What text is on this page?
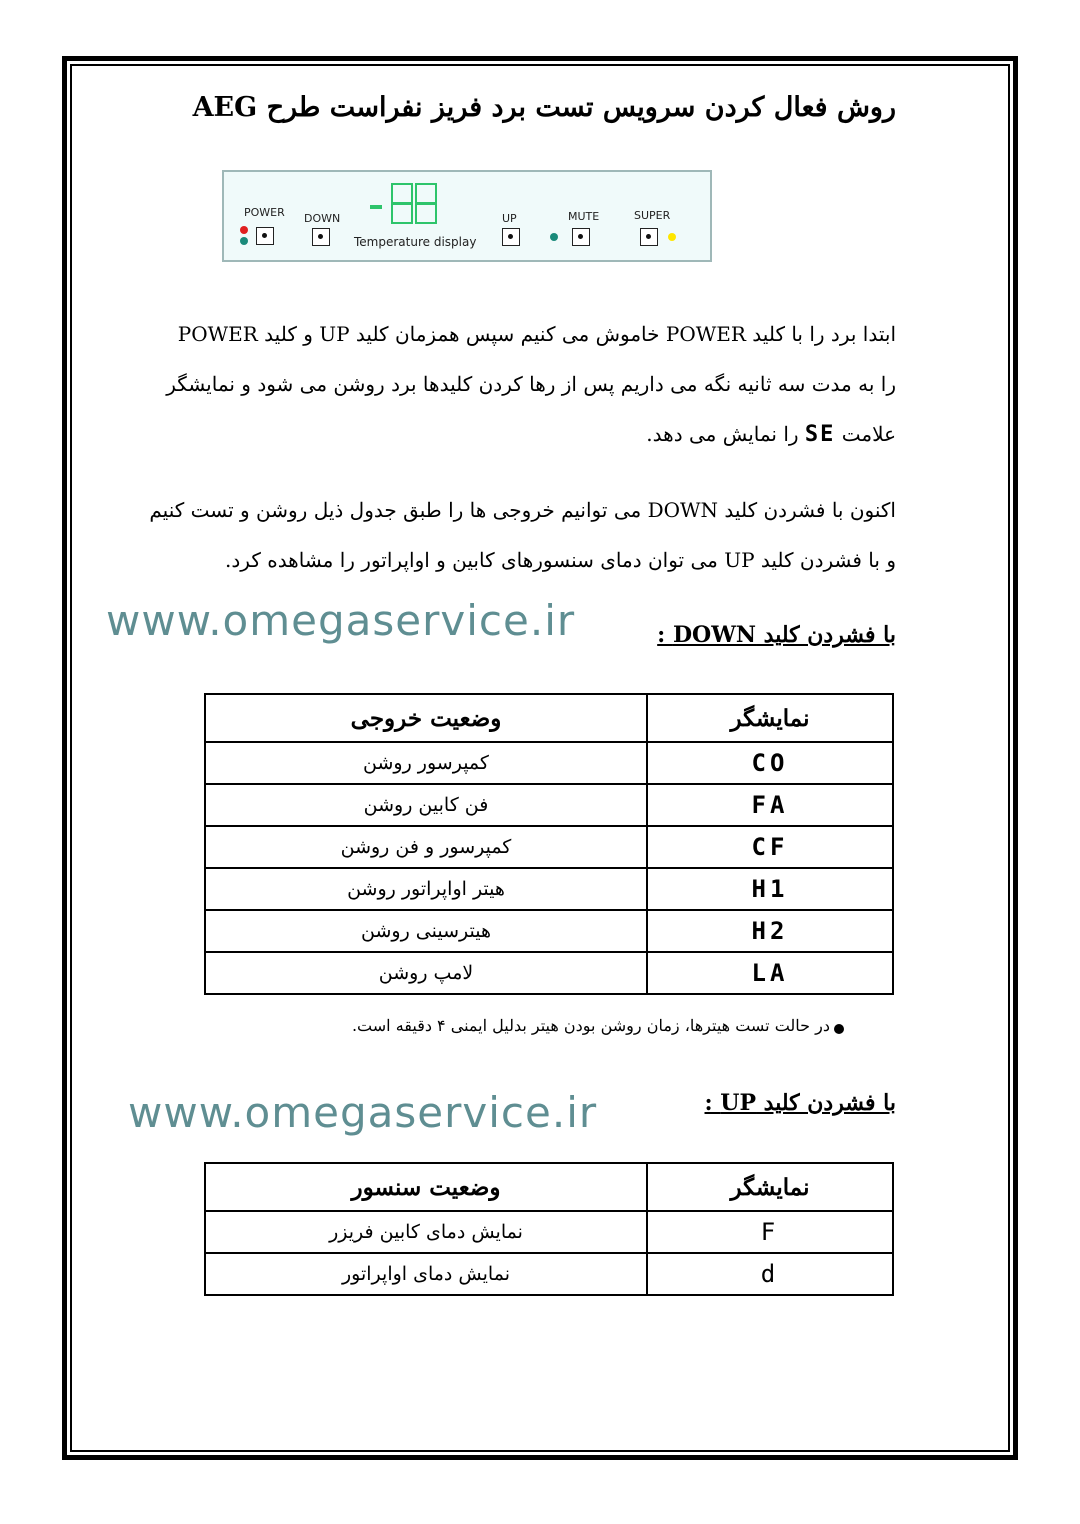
روش فعال کردن سرویس تست برد فریز نفراست طرح AEG
POWER DOWN
Temperature display
UP	MUTE	SUPER
ابتدا برد را با کلید POWER خاموش می کنیم سپس همزمان کلید UP و کلید POWER
را به مدت سه ثانیه نگه می داریم پس از رها کردن کلیدها برد روشن می شود و نمایشگر
علامت SE را نمایش می دهد.
اکنون با فشردن کلید DOWN می توانیم خروجی ها را طبق جدول ذیل روشن و تست کنیم
و با فشردن کلید UP می توان دمای سنسورهای کابین و اواپراتور را مشاهده کرد.
www.omegaservice.ir	با فشردن کلید DOWN :
نمایشگر	وضعیت خروجی
CO	کمپرسور روشن
FA	فن کابین روشن
CF	کمپرسور و فن روشن
H1	هیتر اواپراتور روشن
H2	هیترسینی روشن
LA	لامپ روشن
در حالت تست هیترها، زمان روشن بودن هیتر بدلیل ایمنی ۴ دقیقه است.
www.omegaservice.ir	با فشردن کلید UP :
نمایشگر	وضعیت سنسور
F	نمایش دمای کابین فریزر
d	نمایش دمای اواپراتور
